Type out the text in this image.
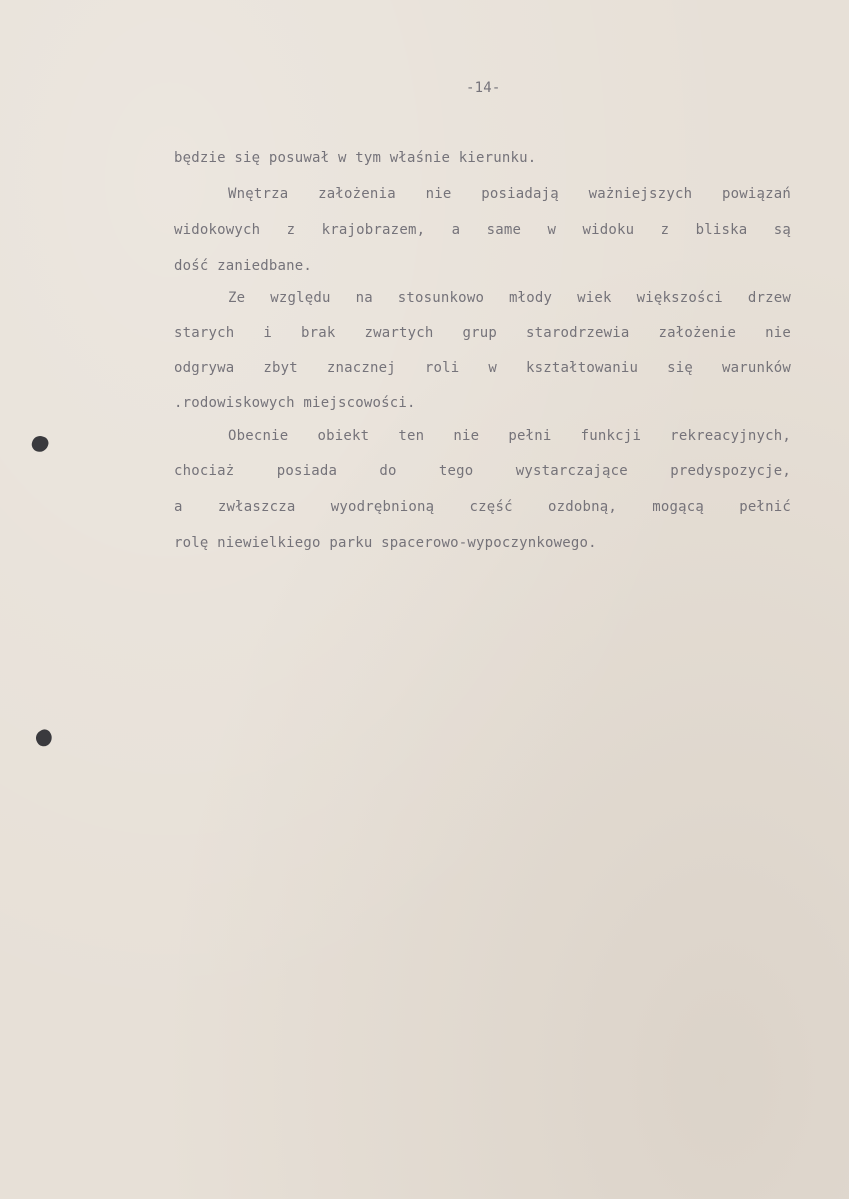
-14-
będzie się posuwał w tym właśnie kierunku.
Wnętrza założenia nie posiadają ważniejszych powiązań
widokowych z krajobrazem, a same w widoku z bliska są
dość zaniedbane.
Ze względu na stosunkowo młody wiek większości drzew
starych i brak zwartych grup starodrzewia założenie nie
odgrywa zbyt znacznej roli w kształtowaniu się warunków
.rodowiskowych miejscowości.
Obecnie obiekt ten nie pełni funkcji rekreacyjnych,
chociaż posiada do tego wystarczające predyspozycje,
a zwłaszcza wyodrębnioną część ozdobną, mogącą pełnić
rolę niewielkiego parku spacerowo-wypoczynkowego.
